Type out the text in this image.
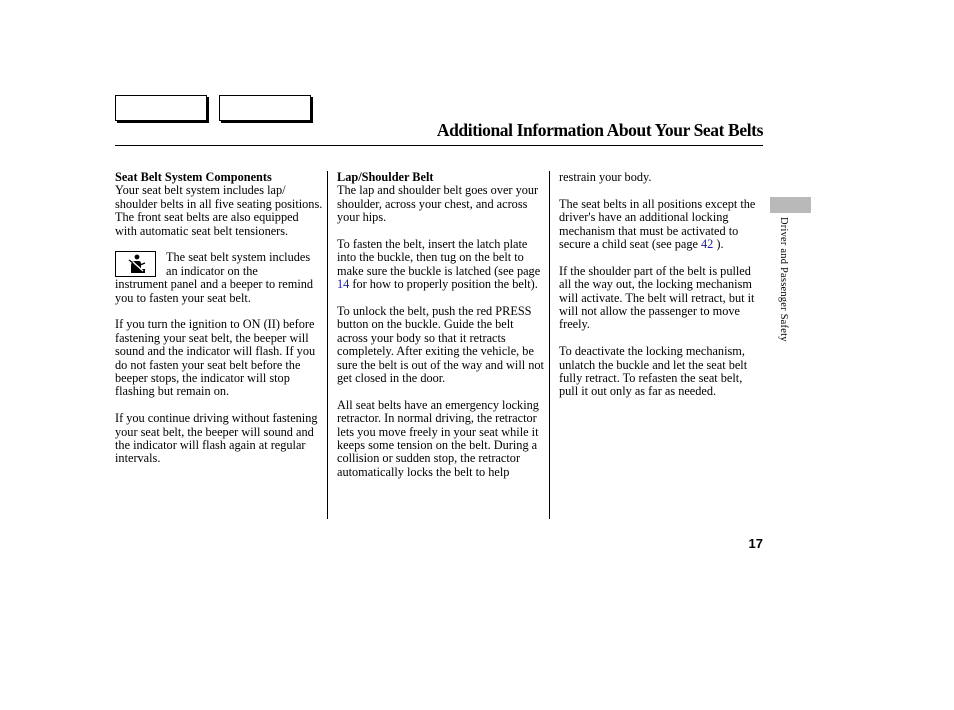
Additional Information About Your Seat Belts

Seat Belt System Components

Your seat belt system includes lap/ shoulder belts in all five seating positions. The front seat belts are also equipped with automatic seat belt tensioners.

The seat belt system includes an indicator on the
instrument panel and a beeper to remind you to fasten your seat belt.

If you turn the ignition to ON (II) before fastening your seat belt, the beeper will sound and the indicator will flash. If you do not fasten your seat belt before the beeper stops, the indicator will stop flashing but remain on.

If you continue driving without fastening your seat belt, the beeper will sound and the indicator will flash again at regular intervals.

Lap/Shoulder Belt

The lap and shoulder belt goes over your shoulder, across your chest, and across your hips.

To fasten the belt, insert the latch plate into the buckle, then tug on the belt to make sure the buckle is latched (see page 14 for how to properly position the belt).

To unlock the belt, push the red PRESS button on the buckle. Guide the belt across your body so that it retracts completely. After exiting the vehicle, be sure the belt is out of the way and will not get closed in the door.

All seat belts have an emergency locking retractor. In normal driving, the retractor lets you move freely in your seat while it keeps some tension on the belt. During a collision or sudden stop, the retractor automatically locks the belt to help

restrain your body.

The seat belts in all positions except the driver's have an additional locking mechanism that must be activated to secure a child seat (see page 42 ).

If the shoulder part of the belt is pulled all the way out, the locking mechanism will activate. The belt will retract, but it will not allow the passenger to move freely.

To deactivate the locking mechanism, unlatch the buckle and let the seat belt fully retract. To refasten the seat belt, pull it out only as far as needed.

Driver and Passenger Safety
17
